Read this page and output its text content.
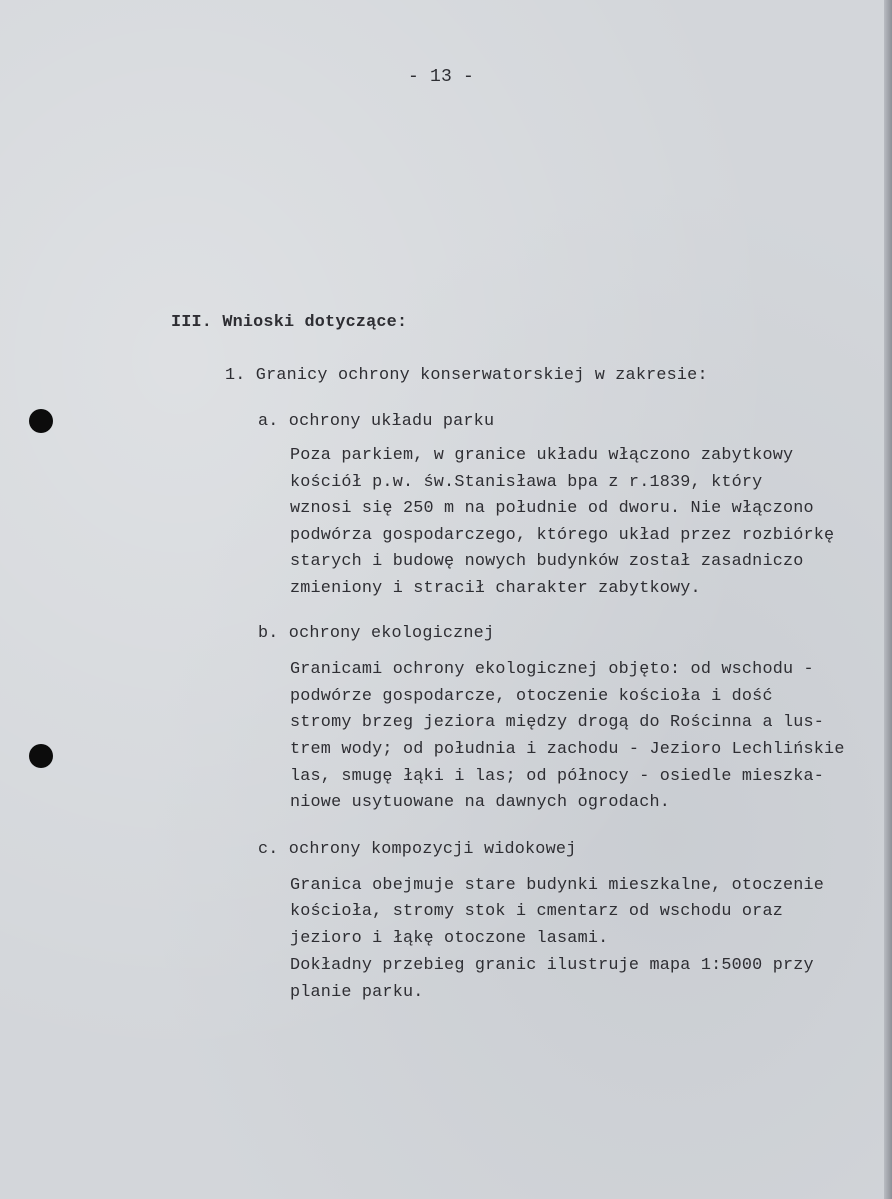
- 13 -

III. Wnioski dotyczące:

1. Granicy ochrony konserwatorskiej w zakresie:

a. ochrony układu parku

Poza parkiem, w granice układu włączono zabytkowy

kościół p.w. św.Stanisława bpa z r.1839, który

wznosi się 250 m na południe od dworu. Nie włączono

podwórza gospodarczego, którego układ przez rozbiórkę

starych i budowę nowych budynków został zasadniczo

zmieniony i stracił charakter zabytkowy.

b. ochrony ekologicznej

Granicami ochrony ekologicznej objęto: od wschodu -

podwórze gospodarcze, otoczenie kościoła i dość

stromy brzeg jeziora między drogą do Rościnna a lus-

trem wody; od południa i zachodu - Jezioro Lechlińskie

las, smugę łąki i las; od północy - osiedle mieszka-

niowe usytuowane na dawnych ogrodach.

c. ochrony kompozycji widokowej

Granica obejmuje stare budynki mieszkalne, otoczenie

kościoła, stromy stok i cmentarz od wschodu oraz

jezioro i łąkę otoczone lasami.

Dokładny przebieg granic ilustruje mapa 1:5000 przy

planie parku.
